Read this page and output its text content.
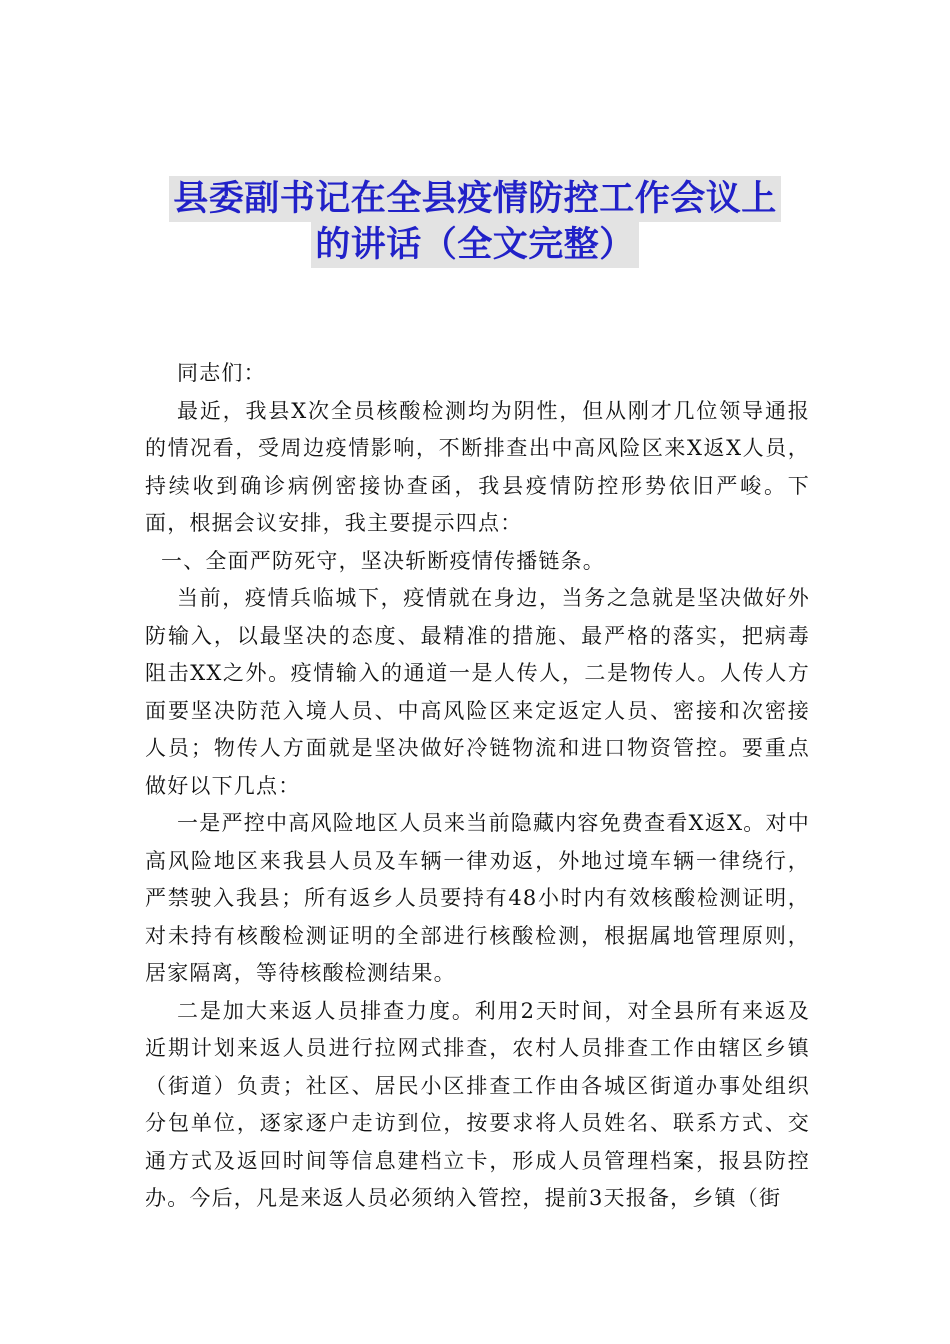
县委副书记在全县疫情防控工作会议上
的讲话（全文完整）

同志们：

最近，我县X次全员核酸检测均为阴性，但从刚才几位领导通报的情况看，受周边疫情影响，不断排查出中高风险区来X返X人员，持续收到确诊病例密接协查函，我县疫情防控形势依旧严峻。下面，根据会议安排，我主要提示四点：

一、全面严防死守，坚决斩断疫情传播链条。

当前，疫情兵临城下，疫情就在身边，当务之急就是坚决做好外防输入，以最坚决的态度、最精准的措施、最严格的落实，把病毒阻击XX之外。疫情输入的通道一是人传人，二是物传人。人传人方面要坚决防范入境人员、中高风险区来定返定人员、密接和次密接人员；物传人方面就是坚决做好冷链物流和进口物资管控。要重点做好以下几点：

一是严控中高风险地区人员来当前隐藏内容免费查看X返X。对中高风险地区来我县人员及车辆一律劝返，外地过境车辆一律绕行，严禁驶入我县；所有返乡人员要持有48小时内有效核酸检测证明，对未持有核酸检测证明的全部进行核酸检测，根据属地管理原则，居家隔离，等待核酸检测结果。

二是加大来返人员排查力度。利用2天时间，对全县所有来返及近期计划来返人员进行拉网式排查，农村人员排查工作由辖区乡镇（街道）负责；社区、居民小区排查工作由各城区街道办事处组织分包单位，逐家逐户走访到位，按要求将人员姓名、联系方式、交通方式及返回时间等信息建档立卡，形成人员管理档案，报县防控办。今后，凡是来返人员必须纳入管控，提前3天报备，乡镇（街
